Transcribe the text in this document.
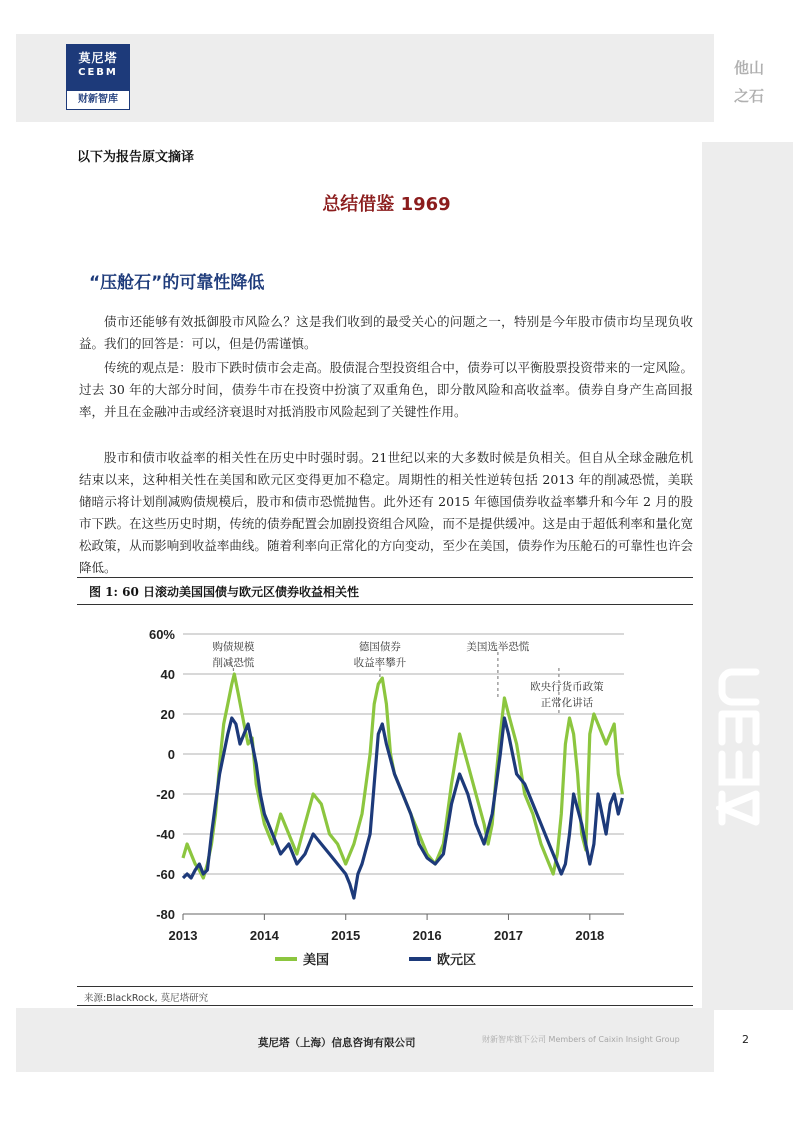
莫尼塔
CEBM
财新智库
他山
之石
以下为报告原文摘译
总结借鉴 1969
“压舱石”的可靠性降低

债市还能够有效抵御股市风险么？这是我们收到的最受关心的问题之一，特别是今年股市债市均呈现负收益。我们的回答是：可以，但是仍需谨慎。

传统的观点是：股市下跌时债市会走高。股债混合型投资组合中，债券可以平衡股票投资带来的一定风险。过去 30 年的大部分时间，债券牛市在投资中扮演了双重角色，即分散风险和高收益率。债券自身产生高回报率，并且在金融冲击或经济衰退时对抵消股市风险起到了关键性作用。

股市和债市收益率的相关性在历史中时强时弱。21世纪以来的大多数时候是负相关。但自从全球金融危机结束以来，这种相关性在美国和欧元区变得更加不稳定。周期性的相关性逆转包括 2013 年的削减恐慌，美联储暗示将计划削减购债规模后，股市和债市恐慌抛售。此外还有 2015 年德国债券收益率攀升和今年 2 月的股市下跌。在这些历史时期，传统的债券配置会加剧投资组合风险，而不是提供缓冲。这是由于超低利率和量化宽松政策，从而影响到收益率曲线。随着利率向正常化的方向变动，至少在美国，债券作为压舱石的可靠性也许会降低。

图 1: 60 日滚动美国国债与欧元区债券收益相关性
60%
40
20
0
-20
-40
-60
-80
2013	2014	2015	2016	2017	2018
购债规模
削减恐慌
德国债券
收益率攀升
美国选举恐慌
欧央行货币政策
正常化讲话
美国	欧元区
来源:BlackRock, 莫尼塔研究
莫尼塔（上海）信息咨询有限公司	财新智库旗下公司 Members of Caixin Insight Group	2
